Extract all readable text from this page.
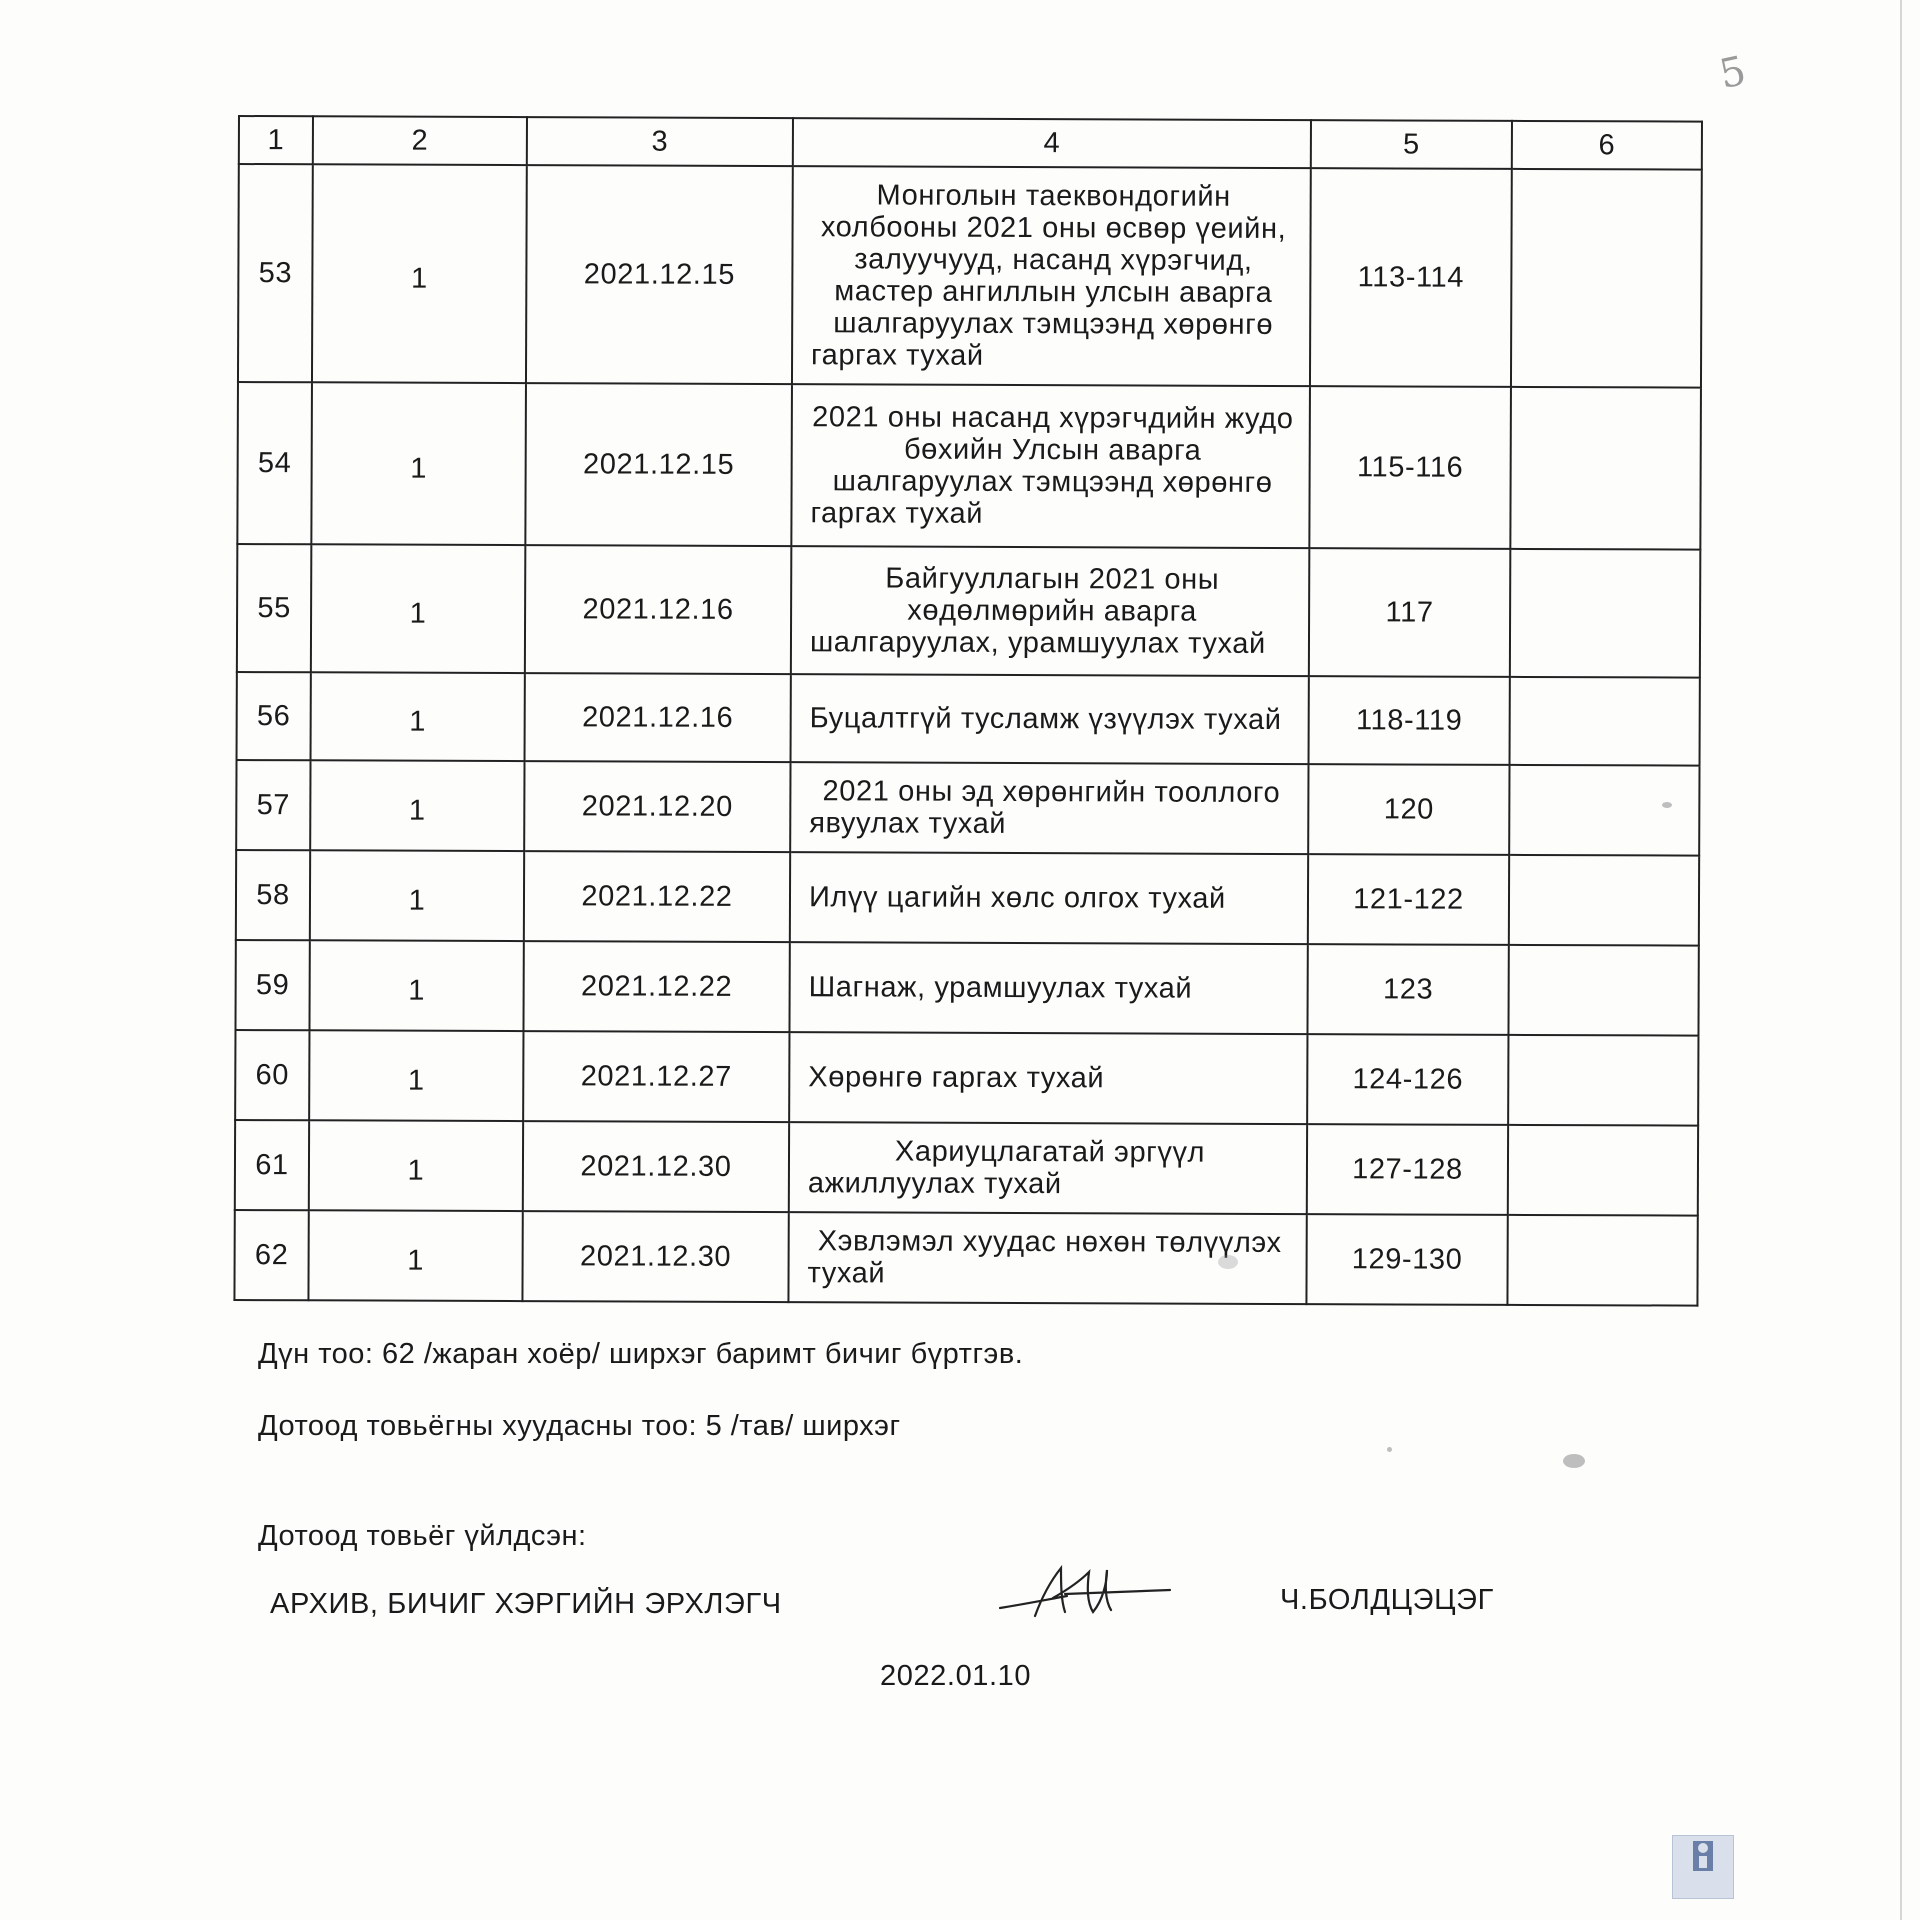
5
1	2	3	4	5	6
53	1	2021.12.15	Монголын таеквондогийн холбооны 2021 оны өсвөр үеийн, залуучууд, насанд хүрэгчид, мастер ангиллын улсын аварга шалгаруулах тэмцээнд хөрөнгө гаргах тухай	113-114	
54	1	2021.12.15	2021 оны насанд хүрэгчдийн жудо бөхийн Улсын аварга шалгаруулах тэмцээнд хөрөнгө гаргах тухай	115-116	
55	1	2021.12.16	Байгууллагын 2021 оны хөдөлмөрийн аварга шалгаруулах, урамшуулах тухай	117	
56	1	2021.12.16	Буцалтгүй тусламж үзүүлэх тухай	118-119	
57	1	2021.12.20	2021 оны эд хөрөнгийн тооллого явуулах тухай	120	
58	1	2021.12.22	Илүү цагийн хөлс олгох тухай	121-122	
59	1	2021.12.22	Шагнаж, урамшуулах тухай	123	
60	1	2021.12.27	Хөрөнгө гаргах тухай	124-126	
61	1	2021.12.30	Хариуцлагатай эргүүл ажиллуулах тухай	127-128	
62	1	2021.12.30	Хэвлэмэл хуудас нөхөн төлүүлэх тухай	129-130	
Дүн тоо: 62 /жаран хоёр/ ширхэг баримт бичиг бүртгэв.
Дотоод товьёгны хуудасны тоо: 5 /тав/ ширхэг
Дотоод товьёг үйлдсэн:
АРХИВ, БИЧИГ ХЭРГИЙН ЭРХЛЭГЧ	Ч.БОЛДЦЭЦЭГ
2022.01.10
